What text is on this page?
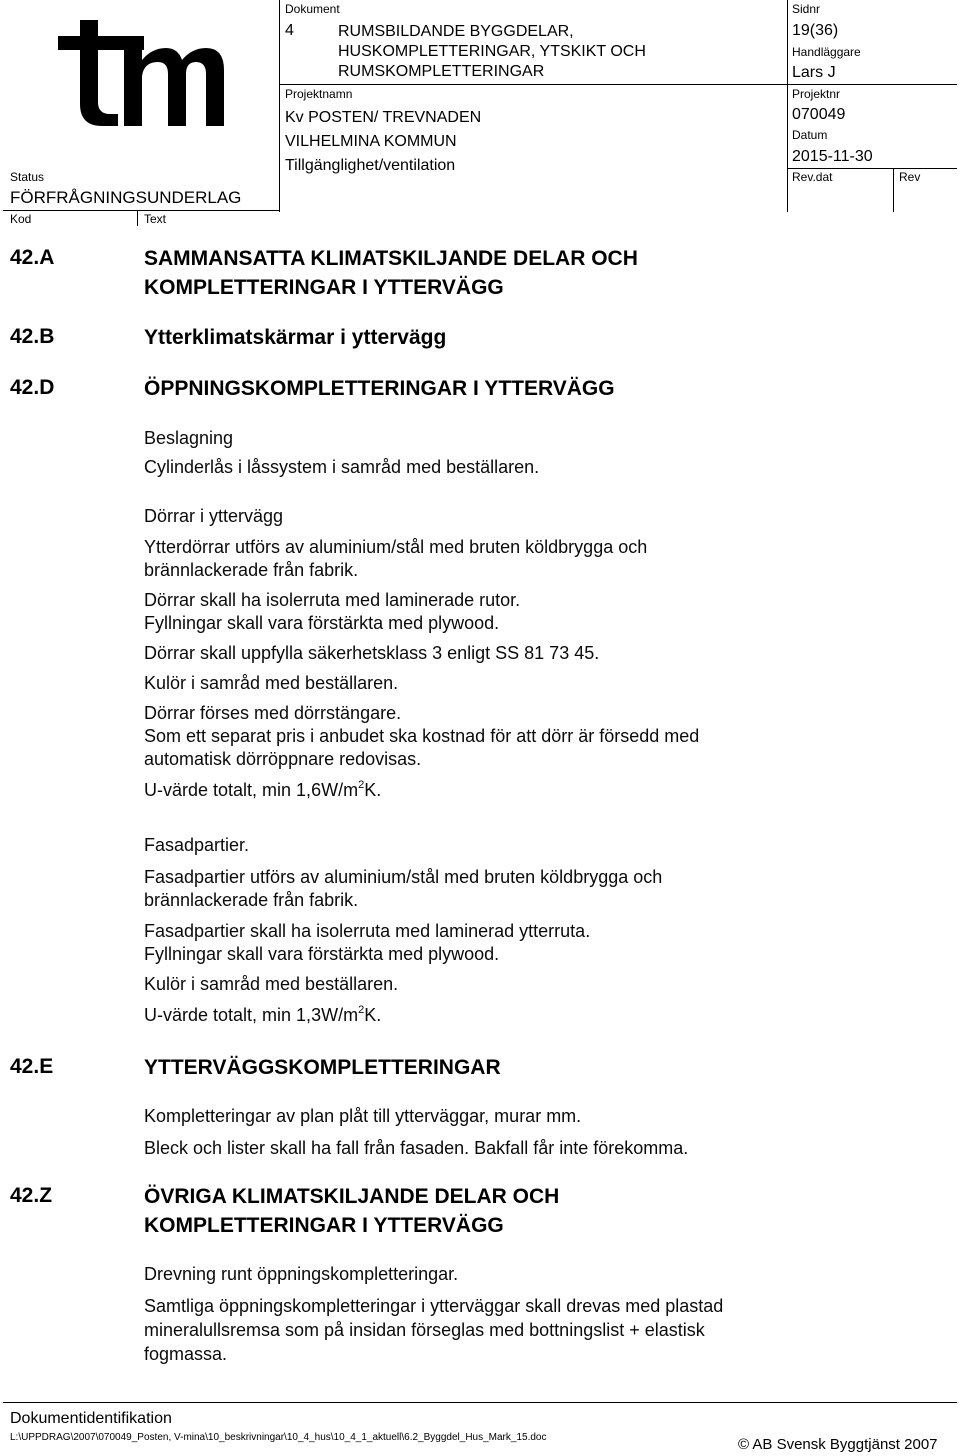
Status
FÖRFRÅGNINGSUNDERLAG
Kod	Text
Dokument
4	RUMSBILDANDE BYGGDELAR,
HUSKOMPLETTERINGAR, YTSKIKT OCH
RUMSKOMPLETTERINGAR
Projektnamn
Kv POSTEN/ TREVNADEN
VILHELMINA KOMMUN
Tillgänglighet/ventilation
Sidnr
19(36)
Handläggare
Lars J
Projektnr
070049
Datum
2015-11-30
Rev.dat	Rev
42.A	SAMMANSATTA KLIMATSKILJANDE DELAR OCH
KOMPLETTERINGAR I YTTERVÄGG
42.B	Ytterklimatskärmar i yttervägg
42.D	ÖPPNINGSKOMPLETTERINGAR I YTTERVÄGG
Beslagning
Cylinderlås i låssystem i samråd med beställaren.
Dörrar i yttervägg
Ytterdörrar utförs av aluminium/stål med bruten köldbrygga och
brännlackerade från fabrik.
Dörrar skall ha isolerruta med laminerade rutor.
Fyllningar skall vara förstärkta med plywood.
Dörrar skall uppfylla säkerhetsklass 3 enligt SS 81 73 45.
Kulör i samråd med beställaren.
Dörrar förses med dörrstängare.
Som ett separat pris i anbudet ska kostnad för att dörr är försedd med
automatisk dörröppnare redovisas.
U-värde totalt, $\min 1,6W/m^2K$.
Fasadpartier.
Fasadpartier utförs av aluminium/stål med bruten köldbrygga och
brännlackerade från fabrik.
Fasadpartier skall ha isolerruta med laminerad ytterruta.
Fyllningar skall vara förstärkta med plywood.
Kulör i samråd med beställaren.
U-värde totalt, $\min 1,3W/m^2K$.
42.E	YTTERVÄGGSKOMPLETTERINGAR
Kompletteringar av plan plåt till ytterväggar, murar mm.
Bleck och lister skall ha fall från fasaden. Bakfall får inte förekomma.
42.Z	ÖVRIGA KLIMATSKILJANDE DELAR OCH
KOMPLETTERINGAR I YTTERVÄGG
Drevning runt öppningskompletteringar.
Samtliga öppningskompletteringar i ytterväggar skall drevas med plastad
mineralullsremsa som på insidan förseglas med bottningslist + elastisk
fogmassa.
Dokumentidentifikation
L:\UPPDRAG\2007\070049_Posten, V-mina\10_beskrivningar\10_4_hus\10_4_1_aktuell\6.2_Byggdel_Hus_Mark_15.doc	© AB Svensk Byggtjänst 2007
